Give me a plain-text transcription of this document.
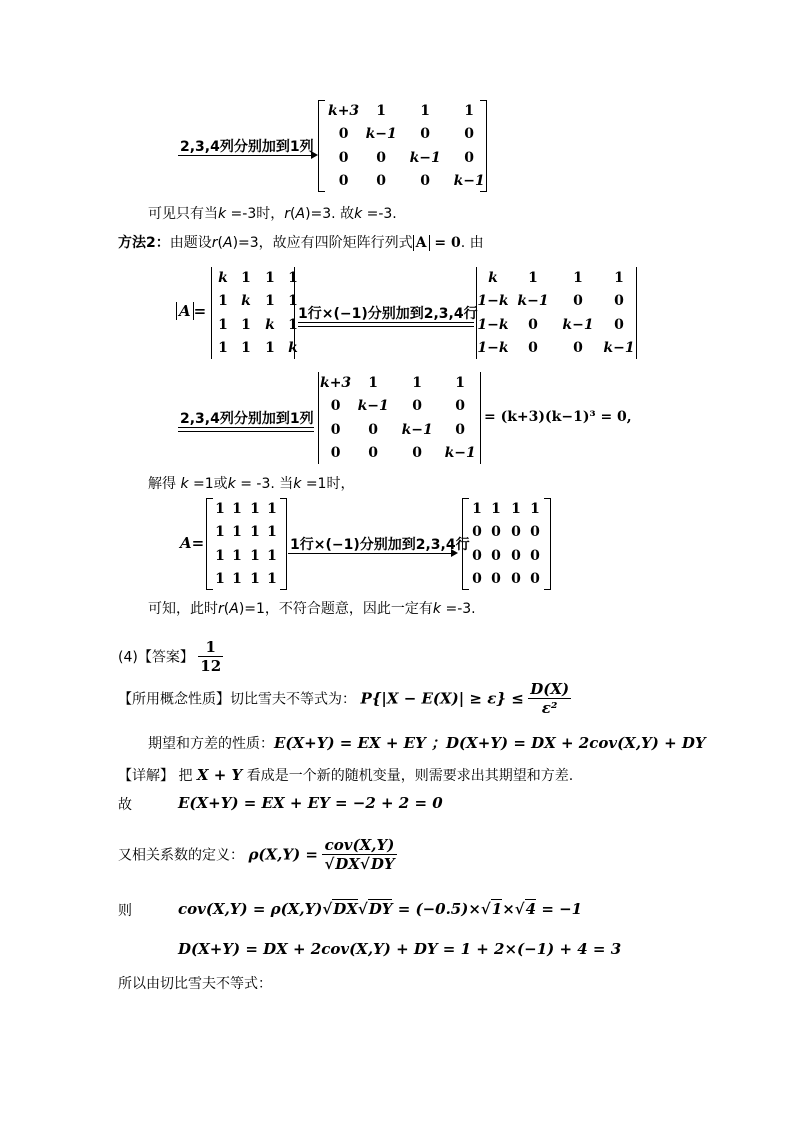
2,3,4列分别加到1列
k+3	1	1	1
0	k−1	0	0
0	0	k−1	0
0	0	0	k−1
可见只有当k =-3时，r(A)=3. 故k =-3.
方法2：由题设r(A)=3，故应有四阶矩阵行列式 A = 0. 由
A =
k	1	1	1
1	k	1	1
1	1	k	1
1	1	1	k
1行×(−1)分别加到2,3,4行
k	1	1	1
1−k	k−1	0	0
1−k	0	k−1	0
1−k	0	0	k−1
2,3,4列分别加到1列
k+3	1	1	1
0	k−1	0	0
0	0	k−1	0
0	0	0	k−1
= (k+3)(k−1)³ = 0,
解得 k =1或k = -3. 当k =1时，
A=
1	1	1	1
1	1	1	1
1	1	1	1
1	1	1	1
1行×(−1)分别加到2,3,4行
1	1	1	1
0	0	0	0
0	0	0	0
0	0	0	0
可知，此时r(A)=1，不符合题意，因此一定有k =-3.
(4)【答案】 $\frac{1}{12}$
【所用概念性质】切比雪夫不等式为： $P\{|X - E(X)| \ge \varepsilon\} \le \frac{D(X)}{\text{ε²}}$
期望和方差的性质：E(X+Y) = EX + EY ；D(X+Y) = DX + 2cov(X,Y) + DY
【详解】 把 X + Y 看成是一个新的随机变量，则需要求出其期望和方差.
故	E(X+Y) = EX + EY = −2 + 2 = 0
又相关系数的定义： $\rho(X,Y) = \frac{\text{cov(X,Y)}}{√DX√DY}$
则	cov(X,Y) = ρ(X,Y)√DX√DY = (−0.5)×√1×√4 = −1
D(X+Y) = DX + 2cov(X,Y) + DY = 1 + 2×(−1) + 4 = 3
所以由切比雪夫不等式：
